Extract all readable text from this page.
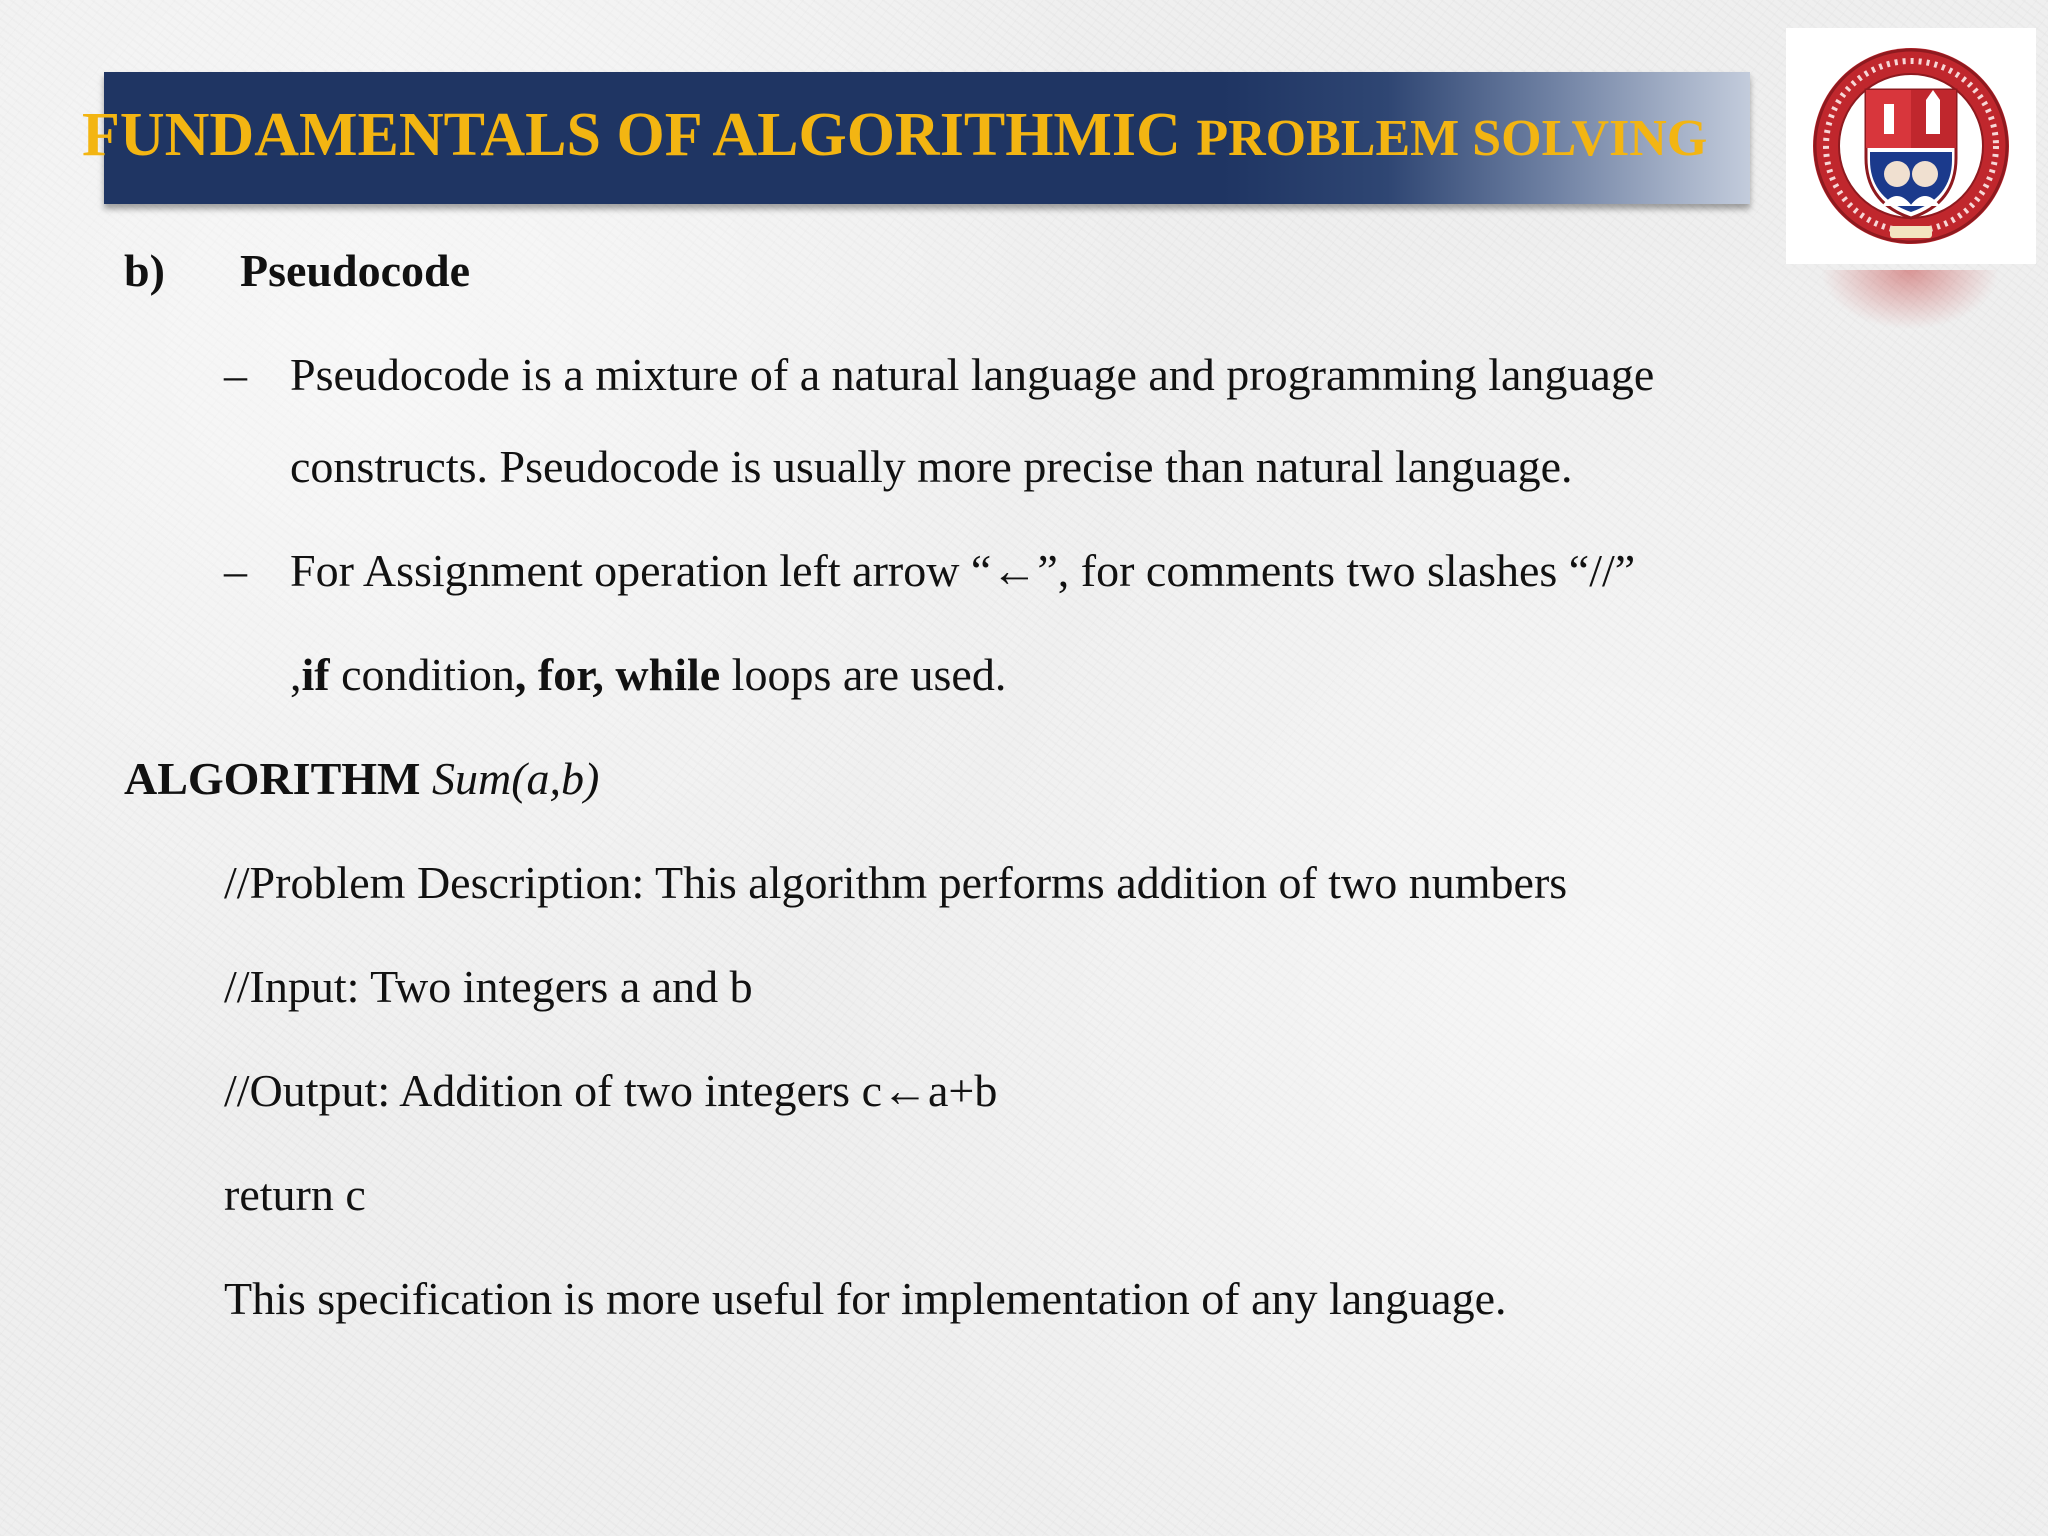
FUNDAMENTALS OF ALGORITHMIC PROBLEM SOLVING
b) Pseudocode
– Pseudocode is a mixture of a natural language and programming language
constructs. Pseudocode is usually more precise than natural language.
– For Assignment operation left arrow “←”, for comments two slashes “//”
,if condition, for, while loops are used.
ALGORITHM Sum(a,b)
//Problem Description: This algorithm performs addition of two numbers
//Input: Two integers a and b
//Output: Addition of two integers c←a+b
return c
This specification is more useful for implementation of any language.
